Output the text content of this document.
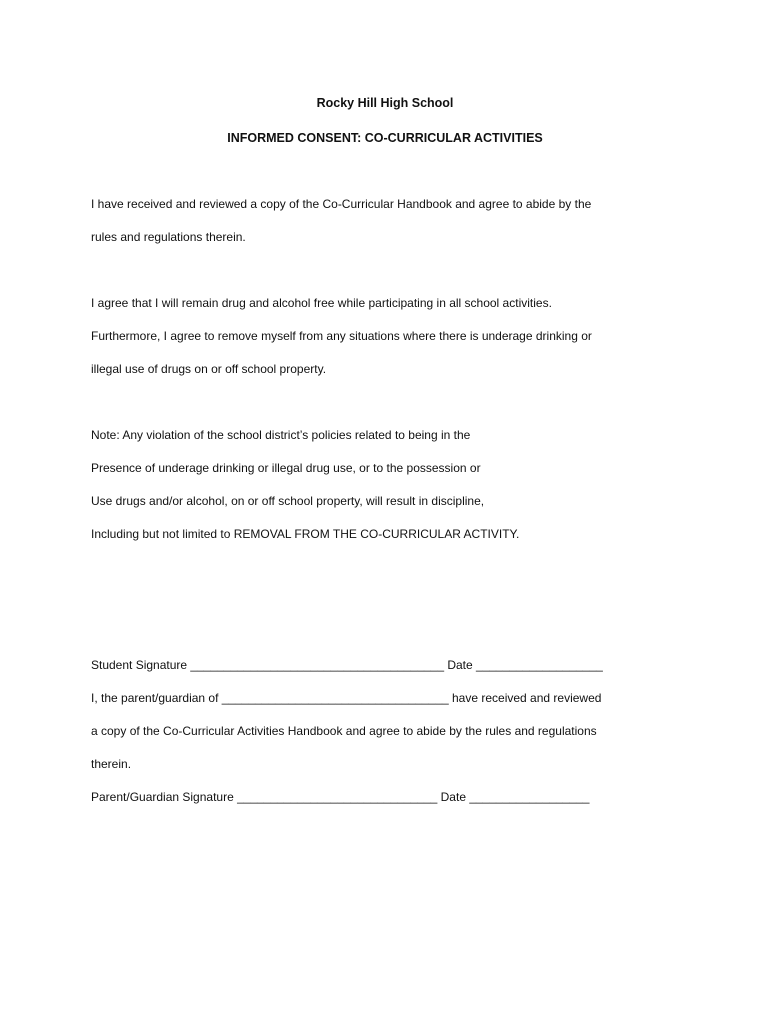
Rocky Hill High School
INFORMED CONSENT: CO-CURRICULAR ACTIVITIES
I have received and reviewed a copy of the Co-Curricular Handbook and agree to abide by the
rules and regulations therein.
I agree that I will remain drug and alcohol free while participating in all school activities.
Furthermore, I agree to remove myself from any situations where there is underage drinking or
illegal use of drugs on or off school property.
Note: Any violation of the school district’s policies related to being in the
Presence of underage drinking or illegal drug use, or to the possession or
Use drugs and/or alcohol, on or off school property, will result in discipline,
Including but not limited to REMOVAL FROM THE CO-CURRICULAR ACTIVITY.
Student Signature ______________________________________ Date ___________________
I, the parent/guardian of __________________________________ have received and reviewed
a copy of the Co-Curricular Activities Handbook and agree to abide by the rules and regulations
therein.
Parent/Guardian Signature ______________________________ Date __________________
